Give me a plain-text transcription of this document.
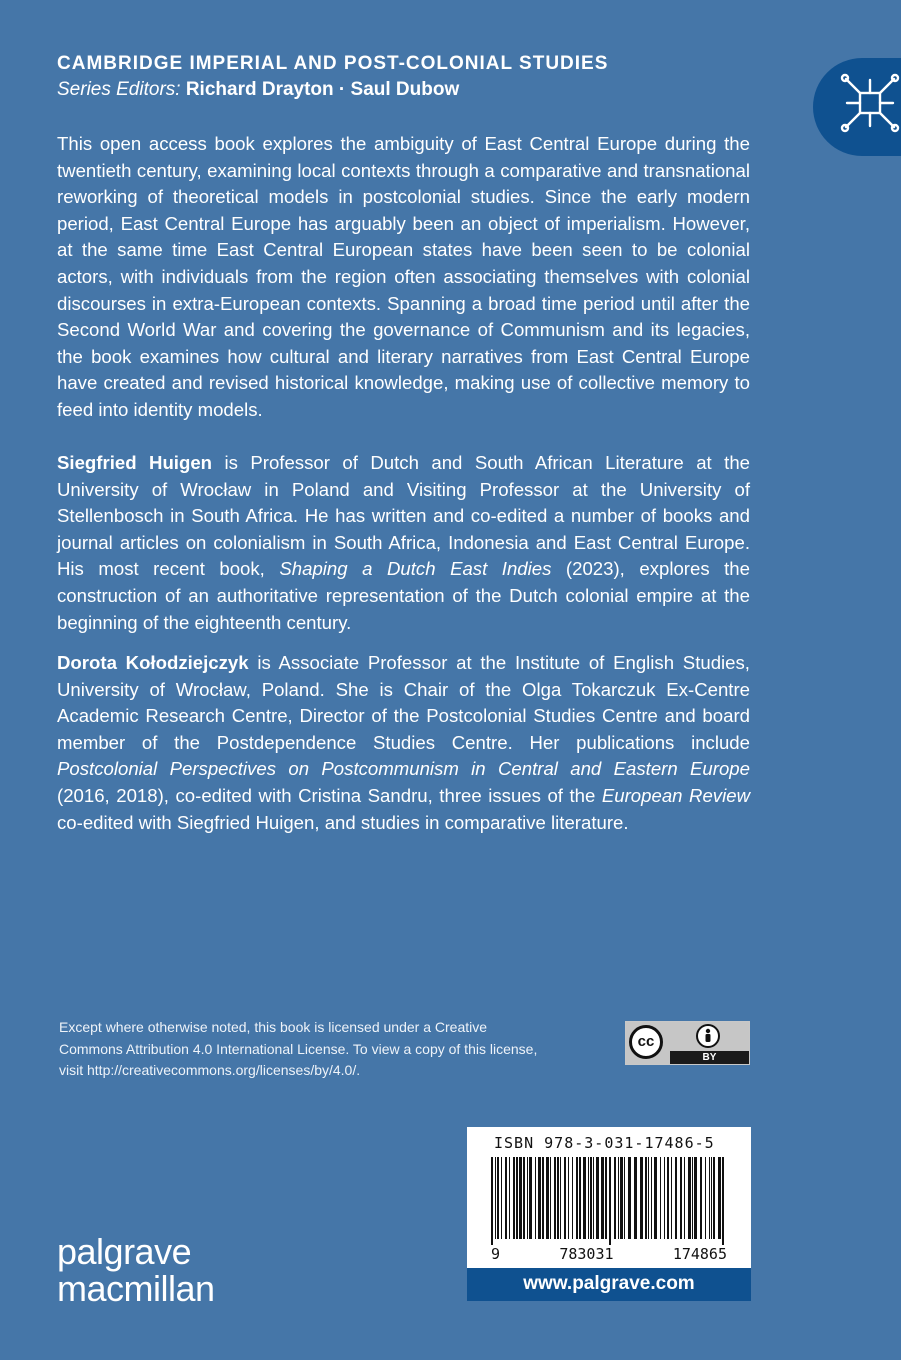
CAMBRIDGE IMPERIAL AND POST-COLONIAL STUDIES
Series Editors: Richard Drayton · Saul Dubow

This open access book explores the ambiguity of East Central Europe during the twentieth century, examining local contexts through a comparative and transnational reworking of theoretical models in postcolonial studies. Since the early modern period, East Central Europe has arguably been an object of imperialism. However, at the same time East Central European states have been seen to be colonial actors, with individuals from the region often associating themselves with colonial discourses in extra-European contexts. Spanning a broad time period until after the Second World War and covering the governance of Communism and its legacies, the book examines how cultural and literary narratives from East Central Europe have created and revised historical knowledge, making use of collective memory to feed into identity models.

Siegfried Huigen is Professor of Dutch and South African Literature at the University of Wrocław in Poland and Visiting Professor at the University of Stellenbosch in South Africa. He has written and co-edited a number of books and journal articles on colonialism in South Africa, Indonesia and East Central Europe. His most recent book, Shaping a Dutch East Indies (2023), explores the construction of an authoritative representation of the Dutch colonial empire at the beginning of the eighteenth century.

Dorota Kołodziejczyk is Associate Professor at the Institute of English Studies, University of Wrocław, Poland. She is Chair of the Olga Tokarczuk Ex-Centre Academic Research Centre, Director of the Postcolonial Studies Centre and board member of the Postdependence Studies Centre. Her publications include Postcolonial Perspectives on Postcommunism in Central and Eastern Europe (2016, 2018), co-edited with Cristina Sandru, three issues of the European Review co-edited with Siegfried Huigen, and studies in comparative literature.

Except where otherwise noted, this book is licensed under a Creative Commons Attribution 4.0 International License. To view a copy of this license, visit http://creativecommons.org/licenses/by/4.0/.
cc
BY
ISBN 978-3-031-17486-5
9	783031	174865
www.palgrave.com
palgrave
macmillan
